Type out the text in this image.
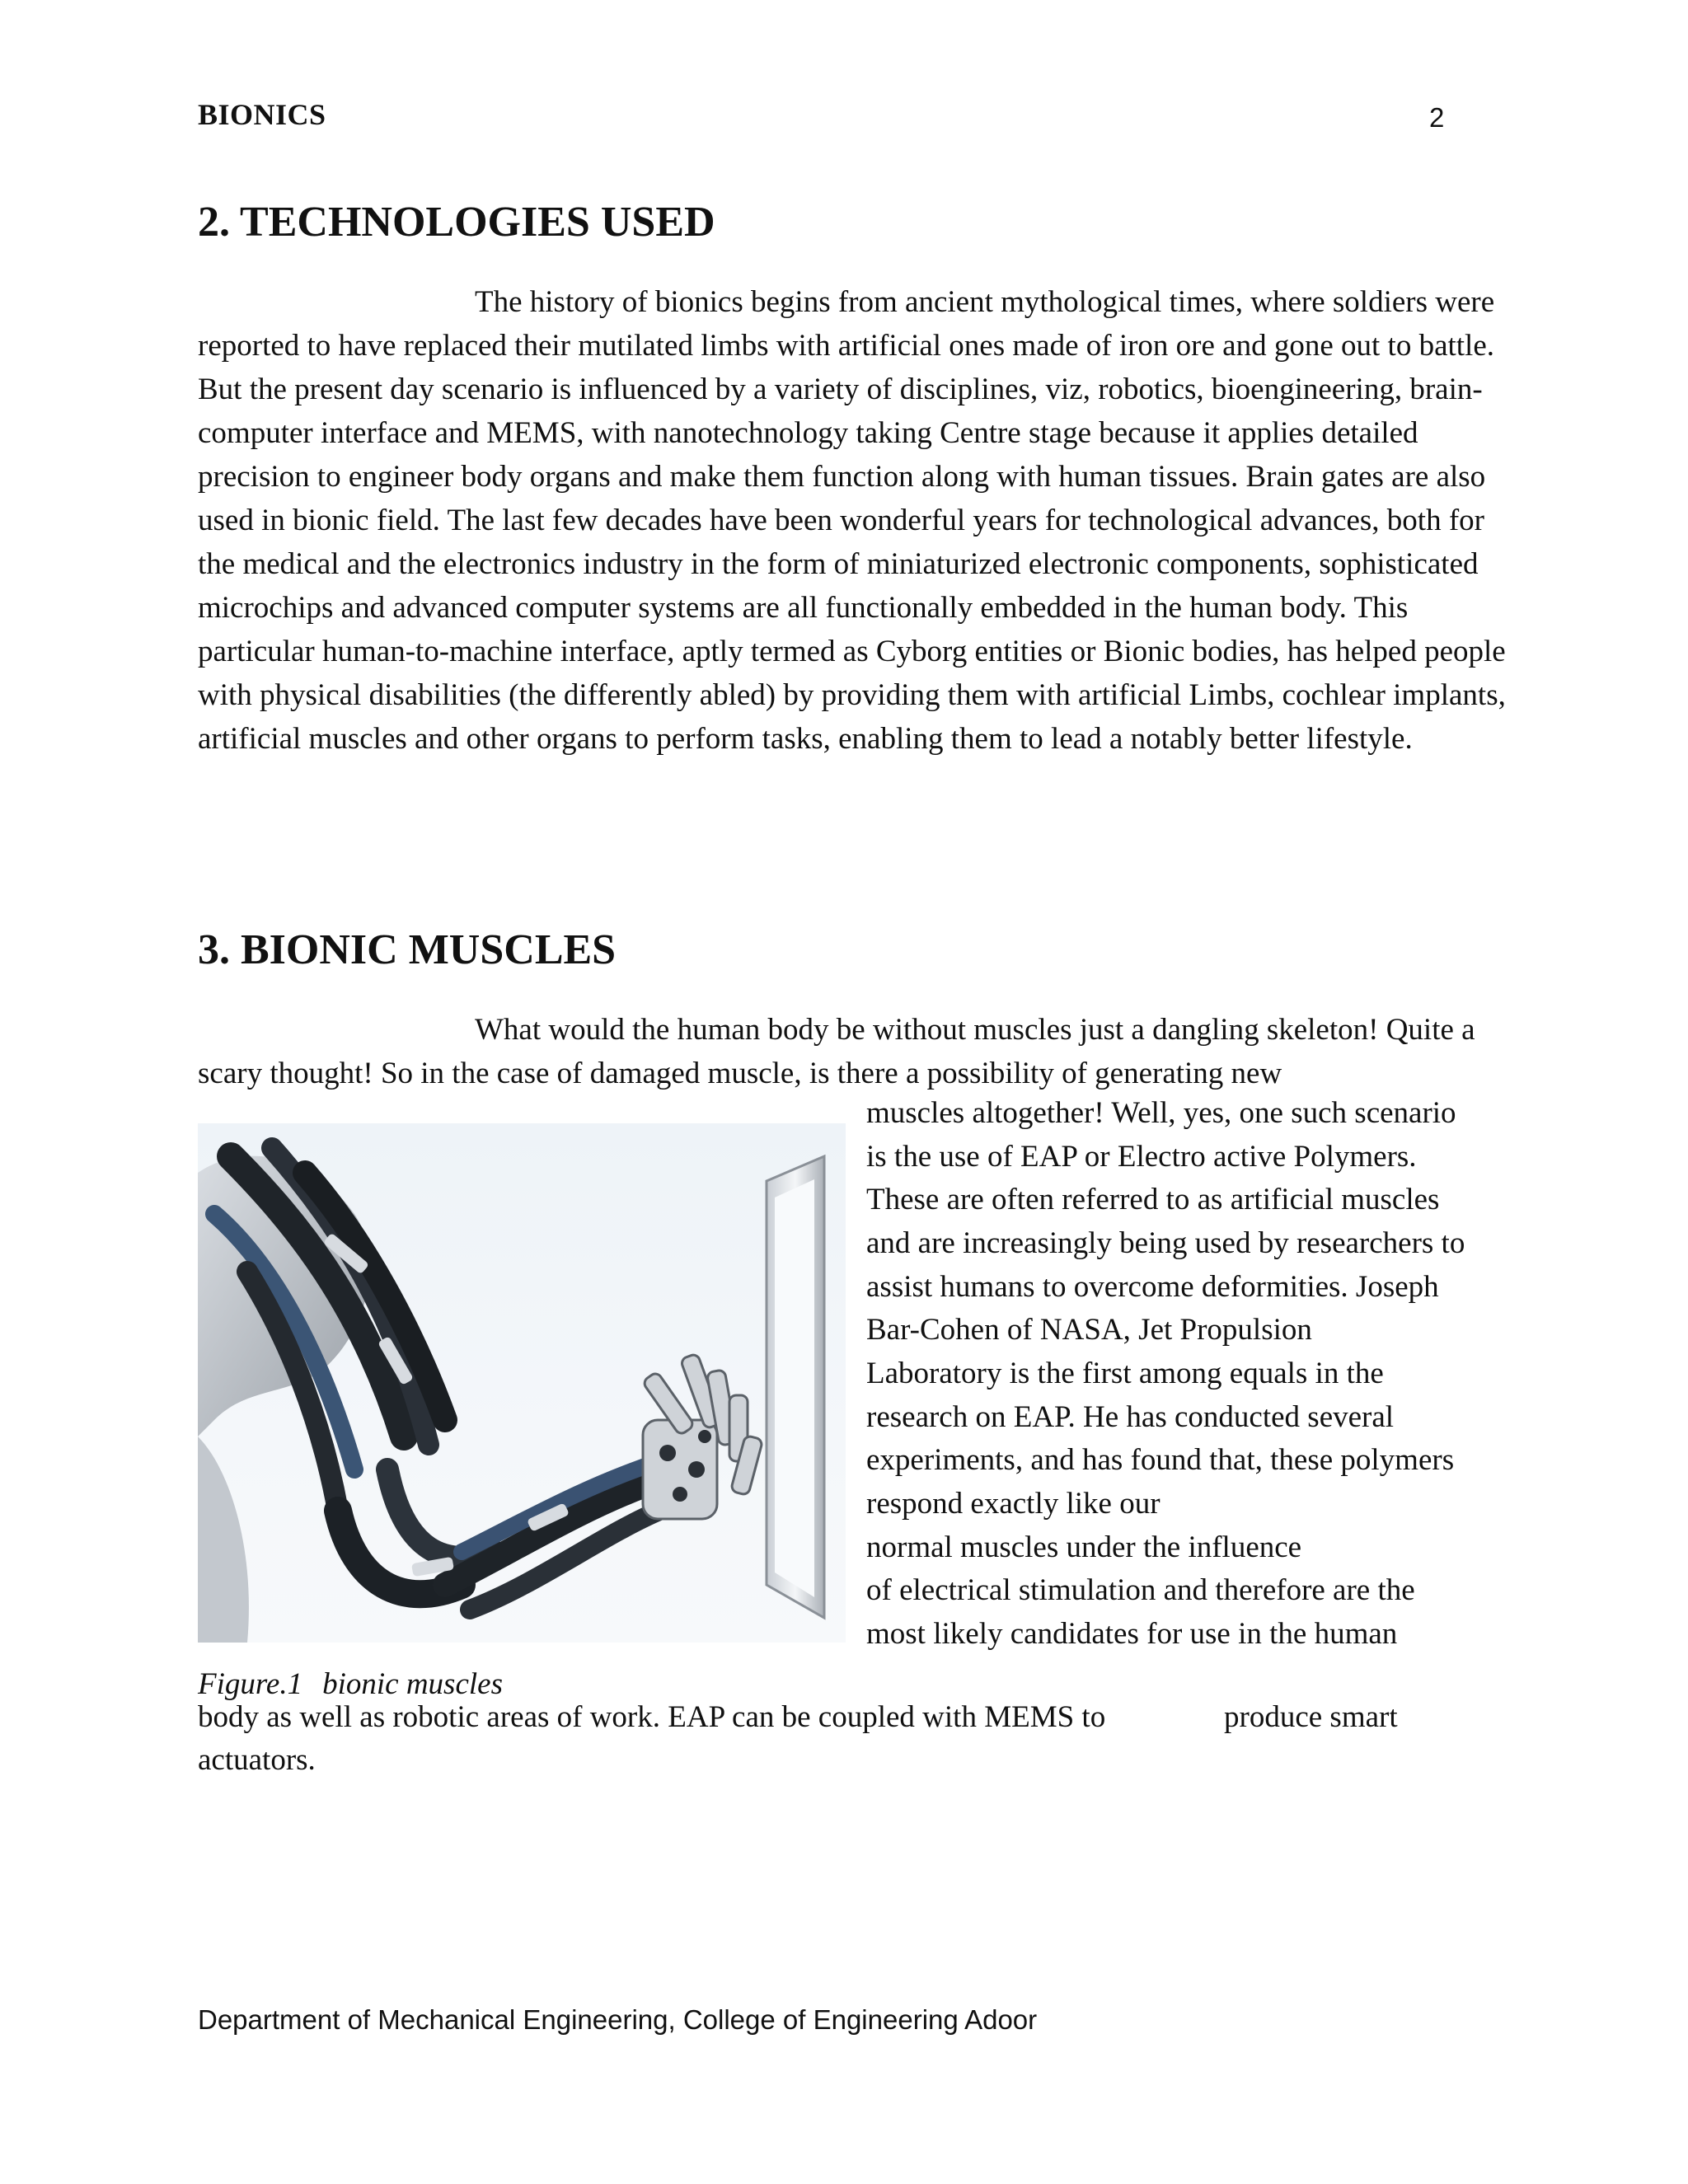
BIONICS	2
2. TECHNOLOGIES USED

The history of bionics begins from ancient mythological times, where soldiers were reported to have replaced their mutilated limbs with artificial ones made of iron ore and gone out to battle. But the present day scenario is influenced by a variety of disciplines, viz, robotics, bioengineering, brain-computer interface and MEMS, with nanotechnology taking Centre stage because it applies detailed precision to engineer body organs and make them function along with human tissues. Brain gates are also used in bionic field. The last few decades have been wonderful years for technological advances, both for the medical and the electronics industry in the form of miniaturized electronic components, sophisticated microchips and advanced computer systems are all functionally embedded in the human body. This particular human-to-machine interface, aptly termed as Cyborg entities or Bionic bodies, has helped people with physical disabilities (the differently abled) by providing them with artificial Limbs, cochlear implants, artificial muscles and other organs to perform tasks, enabling them to lead a notably better lifestyle.

3. BIONIC MUSCLES

What would the human body be without muscles just a dangling skeleton! Quite a scary thought! So in the case of damaged muscle, is there a possibility of generating new

muscles altogether! Well, yes, one such scenario
is the use of EAP or Electro active Polymers.
These are often referred to as artificial muscles
and are increasingly being used by researchers to
assist humans to overcome deformities. Joseph
Bar-Cohen of NASA, Jet Propulsion
Laboratory is the first among equals in the
research on EAP. He has conducted several
experiments, and has found that, these polymers
respond exactly like our
normal muscles under the influence
of electrical stimulation and therefore are the
most likely candidates for use in the human
Figure.1 bionic muscles
body as well as robotic areas of work. EAP can be coupled with MEMS to	produce smart
actuators.
Department of Mechanical Engineering, College of Engineering Adoor
